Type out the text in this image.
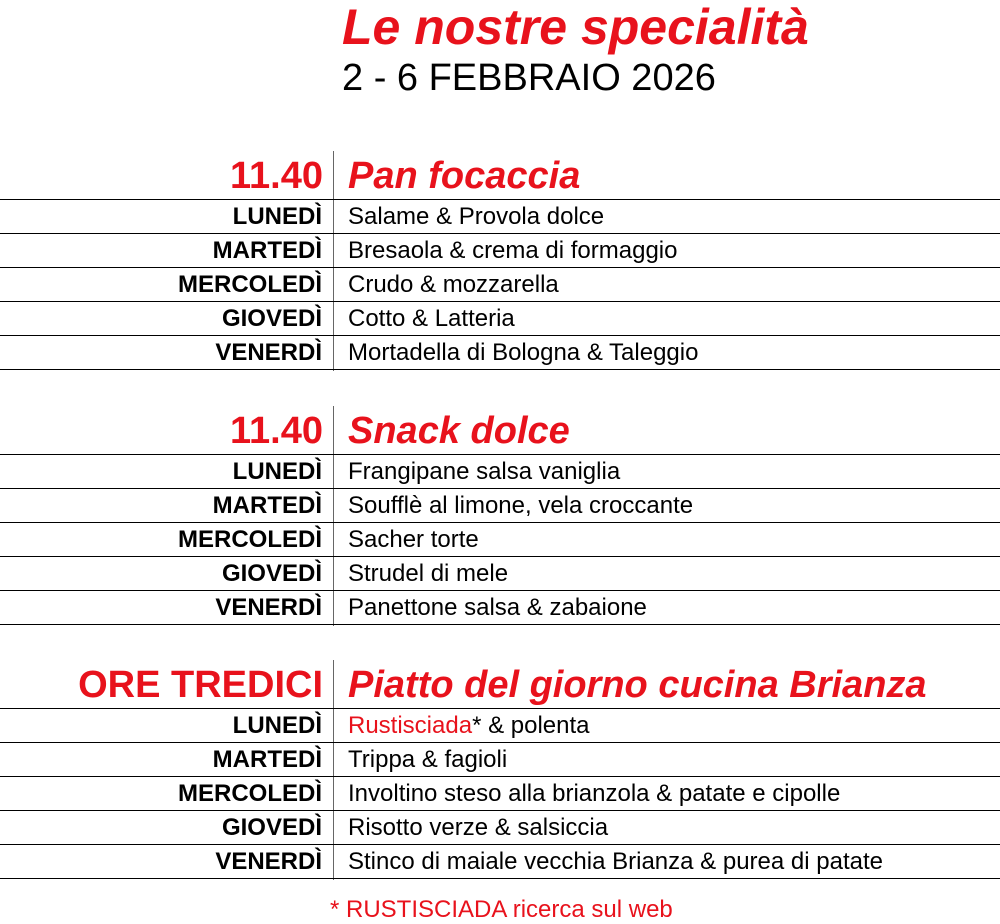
Le nostre specialità
2 - 6 FEBBRAIO 2026
11.40 Pan focaccia
LUNEDÌ Salame & Provola dolce
MARTEDÌ Bresaola & crema di formaggio
MERCOLEDÌ Crudo & mozzarella
GIOVEDÌ Cotto & Latteria
VENERDÌ Mortadella di Bologna & Taleggio
11.40 Snack dolce
LUNEDÌ Frangipane salsa vaniglia
MARTEDÌ Soufflè al limone, vela croccante
MERCOLEDÌ Sacher torte
GIOVEDÌ Strudel di mele
VENERDÌ Panettone salsa & zabaione
ORE TREDICI Piatto del giorno cucina Brianza
LUNEDÌ Rustisciada* & polenta
MARTEDÌ Trippa & fagioli
MERCOLEDÌ Involtino steso alla brianzola & patate e cipolle
GIOVEDÌ Risotto verze & salsiccia
VENERDÌ Stinco di maiale vecchia Brianza & purea di patate
* RUSTISCIADA ricerca sul web
